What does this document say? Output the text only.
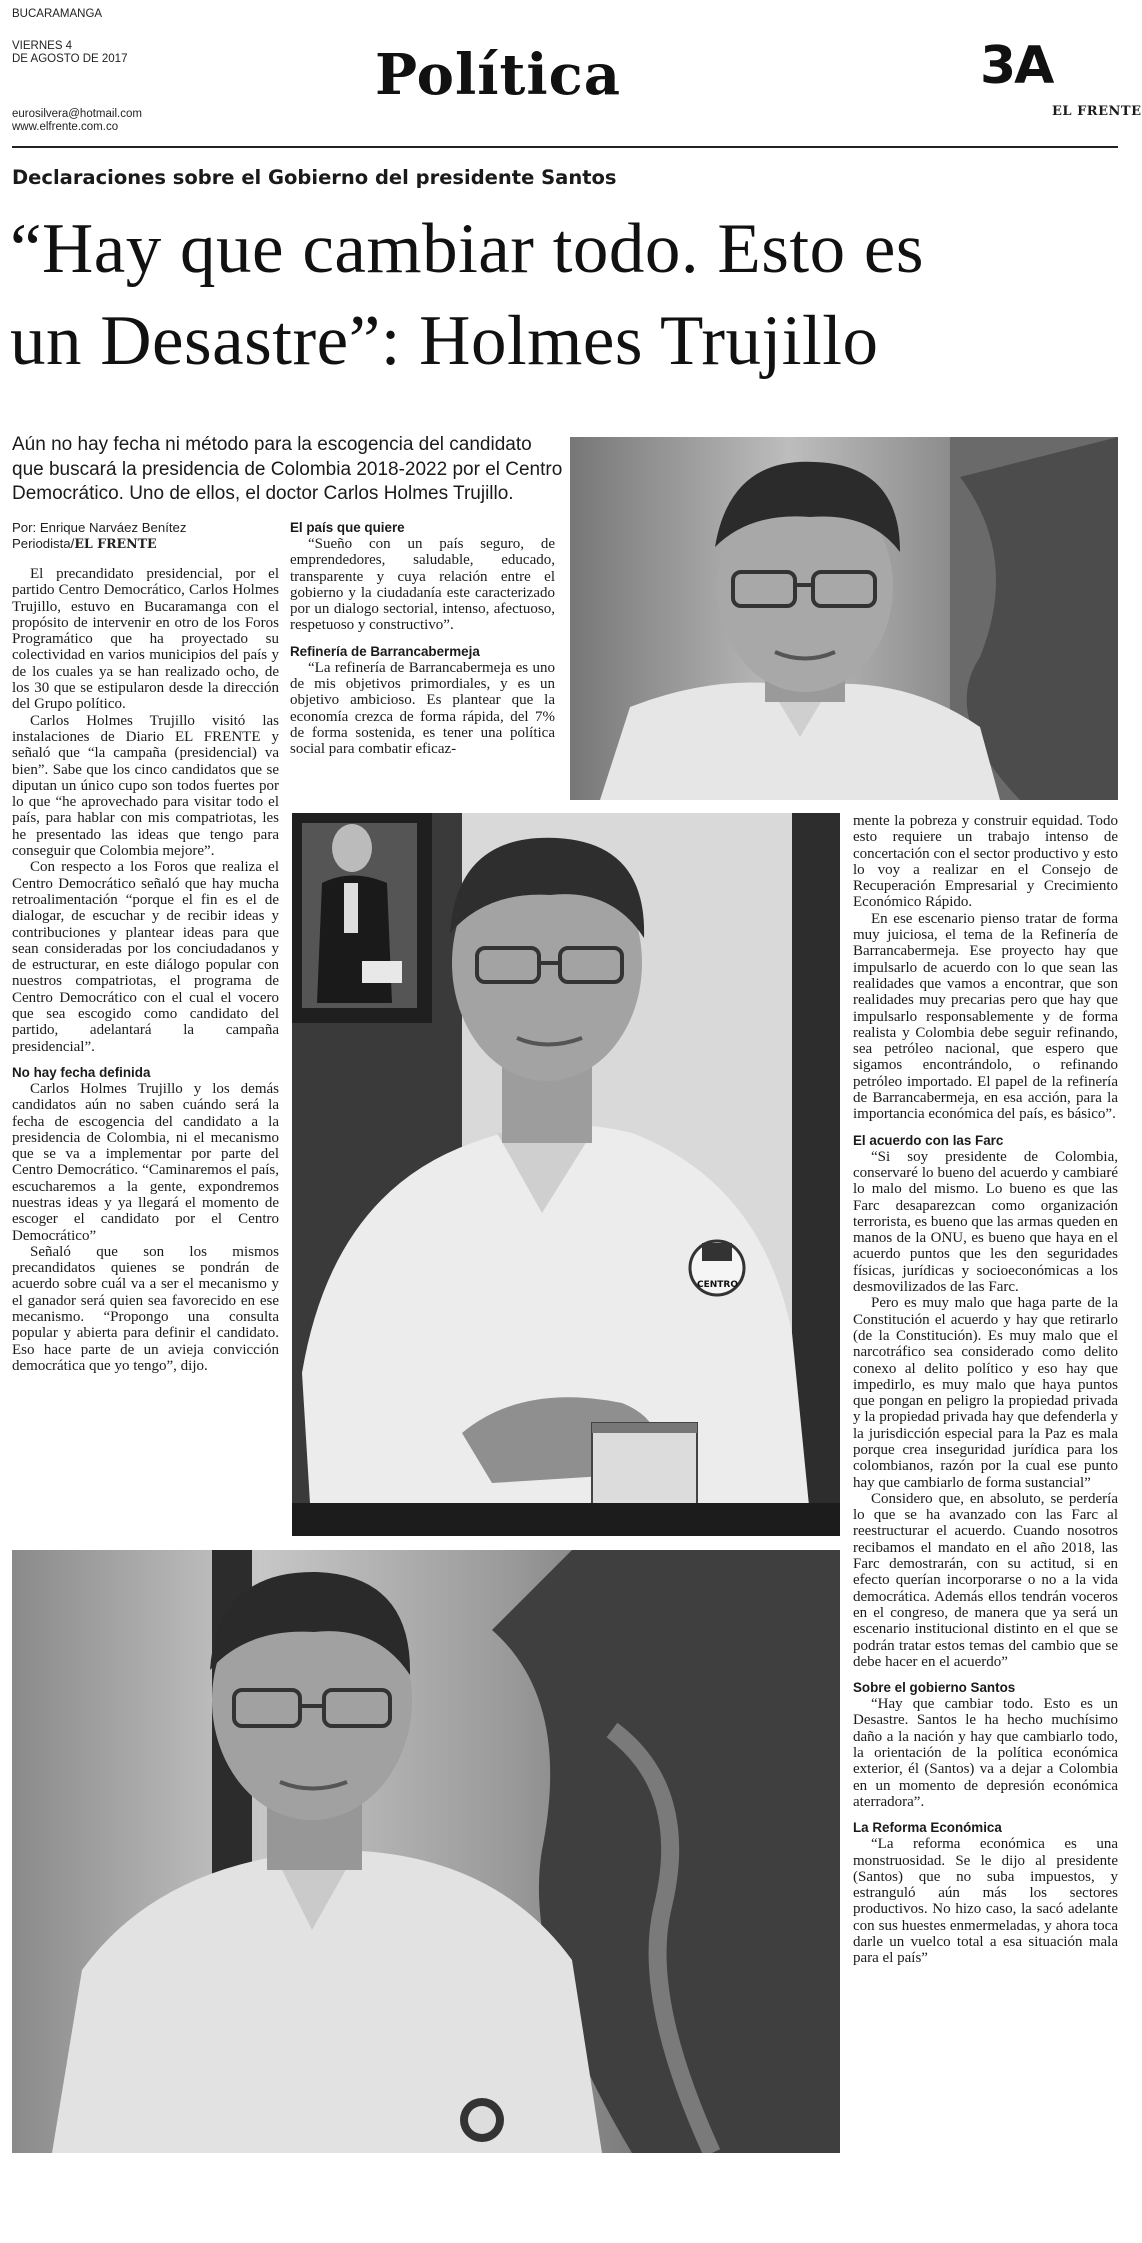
BUCARAMANGA
VIERNES 4
DE AGOSTO DE 2017
eurosilvera@hotmail.com
www.elfrente.com.co
Política	3A
EL FRENTE
Declaraciones sobre el Gobierno del presidente Santos
“Hay que cambiar todo. Esto es
un Desastre”: Holmes Trujillo
Aún no hay fecha ni método para la escogencia del candidato que buscará la presidencia de Colombia 2018-2022 por el Centro Democrático. Uno de ellos, el doctor Carlos Holmes Trujillo.
Por: Enrique Narváez Benítez
Periodista/EL FRENTE

El precandidato presidencial, por el partido Centro Democrático, Carlos Holmes Trujillo, estuvo en Bucaramanga con el propósito de intervenir en otro de los Foros Programático que ha proyectado su colectividad en varios municipios del país y de los cuales ya se han realizado ocho, de los 30 que se estipularon desde la dirección del Grupo político.

Carlos Holmes Trujillo visitó las instalaciones de Diario EL FRENTE y señaló que “la campaña (presidencial) va bien”. Sabe que los cinco candidatos que se diputan un único cupo son todos fuertes por lo que “he aprovechado para visitar todo el país, para hablar con mis compatriotas, les he presentado las ideas que tengo para conseguir que Colombia mejore”.

Con respecto a los Foros que realiza el Centro Democrático señaló que hay mucha retroalimentación “porque el fin es el de dialogar, de escuchar y de recibir ideas y contribuciones y plantear ideas para que sean consideradas por los conciudadanos y de estructurar, en este diálogo popular con nuestros compatriotas, el programa de Centro Democrático con el cual el vocero que sea escogido como candidato del partido, adelantará la campaña presidencial”.

No hay fecha definida

Carlos Holmes Trujillo y los demás candidatos aún no saben cuándo será la fecha de escogencia del candidato a la presidencia de Colombia, ni el mecanismo que se va a implementar por parte del Centro Democrático. “Caminaremos el país, escucharemos a la gente, expondremos nuestras ideas y ya llegará el momento de escoger el candidato por el Centro Democrático”

Señaló que son los mismos precandidatos quienes se pondrán de acuerdo sobre cuál va a ser el mecanismo y el ganador será quien sea favorecido en ese mecanismo. “Propongo una consulta popular y abierta para definir el candidato. Eso hace parte de un avieja convicción democrática que yo tengo”, dijo.

El país que quiere

“Sueño con un país seguro, de emprendedores, saludable, educado, transparente y cuya relación entre el gobierno y la ciudadanía este caracterizado por un dialogo sectorial, intenso, afectuoso, respetuoso y constructivo”.

Refinería de Barrancabermeja

“La refinería de Barrancabermeja es uno de mis objetivos primordiales, y es un objetivo ambicioso. Es plantear que la economía crezca de forma rápida, del 7% de forma sostenida, es tener una política social para combatir eficaz-

mente la pobreza y construir equidad. Todo esto requiere un trabajo intenso de concertación con el sector productivo y esto lo voy a realizar en el Consejo de Recuperación Empresarial y Crecimiento Económico Rápido.

En ese escenario pienso tratar de forma muy juiciosa, el tema de la Refinería de Barrancabermeja. Ese proyecto hay que impulsarlo de acuerdo con lo que sean las realidades que vamos a encontrar, que son realidades muy precarias pero que hay que impulsarlo responsablemente y de forma realista y Colombia debe seguir refinando, sea petróleo nacional, que espero que sigamos encontrándolo, o refinando petróleo importado. El papel de la refinería de Barrancabermeja, en esa acción, para la importancia económica del país, es básico”.

El acuerdo con las Farc

“Si soy presidente de Colombia, conservaré lo bueno del acuerdo y cambiaré lo malo del mismo. Lo bueno es que las Farc desaparezcan como organización terrorista, es bueno que las armas queden en manos de la ONU, es bueno que haya en el acuerdo puntos que les den seguridades físicas, jurídicas y socioeconómicas a los desmovilizados de las Farc.

Pero es muy malo que haga parte de la Constitución el acuerdo y hay que retirarlo (de la Constitución). Es muy malo que el narcotráfico sea considerado como delito conexo al delito político y eso hay que impedirlo, es muy malo que haya puntos que pongan en peligro la propiedad privada y la propiedad privada hay que defenderla y la jurisdicción especial para la Paz es mala porque crea inseguridad jurídica para los colombianos, razón por la cual ese punto hay que cambiarlo de forma sustancial”

Considero que, en absoluto, se perdería lo que se ha avanzado con las Farc al reestructurar el acuerdo. Cuando nosotros recibamos el mandato en el año 2018, las Farc demostrarán, con su actitud, si en efecto querían incorporarse o no a la vida democrática. Además ellos tendrán voceros en el congreso, de manera que ya será un escenario institucional distinto en el que se podrán tratar estos temas del cambio que se debe hacer en el acuerdo”

Sobre el gobierno Santos

“Hay que cambiar todo. Esto es un Desastre. Santos le ha hecho muchísimo daño a la nación y hay que cambiarlo todo, la orientación de la política económica exterior, él (Santos) va a dejar a Colombia en un momento de depresión económica aterradora”.

La Reforma Económica

“La reforma económica es una monstruosidad. Se le dijo al presidente (Santos) que no suba impuestos, y estranguló aún más los sectores productivos. No hizo caso, la sacó adelante con sus huestes enmermeladas, y ahora toca darle un vuelco total a esa situación mala para el país”

CENTRO
